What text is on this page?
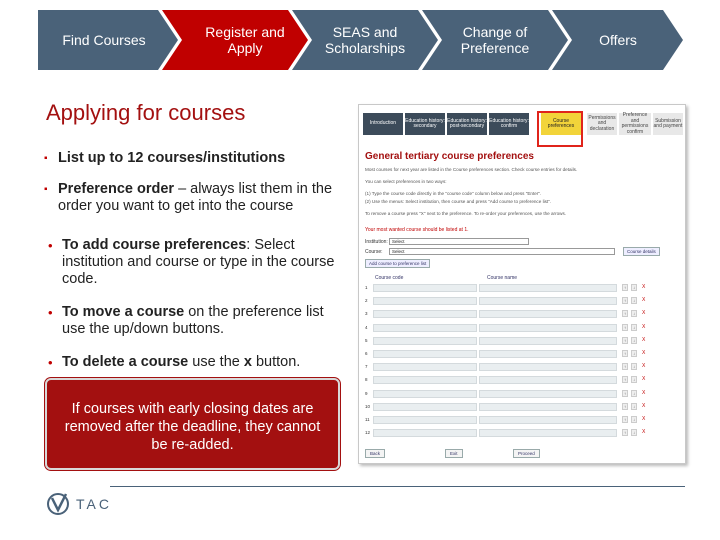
Find Courses	Register and Apply
SEAS and Scholarships
Change of Preference	Offers
Applying for courses
▪ List up to 12 courses/institutions
▪ Preference order – always list them in the order you want to get into the course
• To add course preferences: Select institution and course or type in the course code.
• To move a course on the preference list use the up/down buttons.
• To delete a course use the x button.
If courses with early closing dates are removed after the deadline, they cannot be re-added.
TAC
Introduction	Education history: secondary
Education history: post-secondary
Education history: confirm
Course preferences
Permissions and declaration
Preference and permissions confirm
Submission and payment
General tertiary course preferences
Most courses for next year are listed in the Course preferences section. Check course entries for details.
You can select preferences in two ways:
(1) Type the course code directly in the "course code" column below and press "Enter".
(2) Use the menus: Select institution, then course and press "Add course to preference list".
To remove a course press "X" next to the preference. To re-order your preferences, use the arrows.
Your most wanted course should be listed at 1.
Institution: Select
Course:	Select	Course details
Add course to preference list
Course code	Course name
1	↑	↓	X
2	↑	↓	X
3	↑	↓	X
4	↑	↓	X
5	↑	↓	X
6	↑	↓	X
7	↑	↓	X
8	↑	↓	X
9	↑	↓	X
10	↑	↓	X
11	↑	↓	X
12	↑	↓	X
Back	Exit	Proceed
